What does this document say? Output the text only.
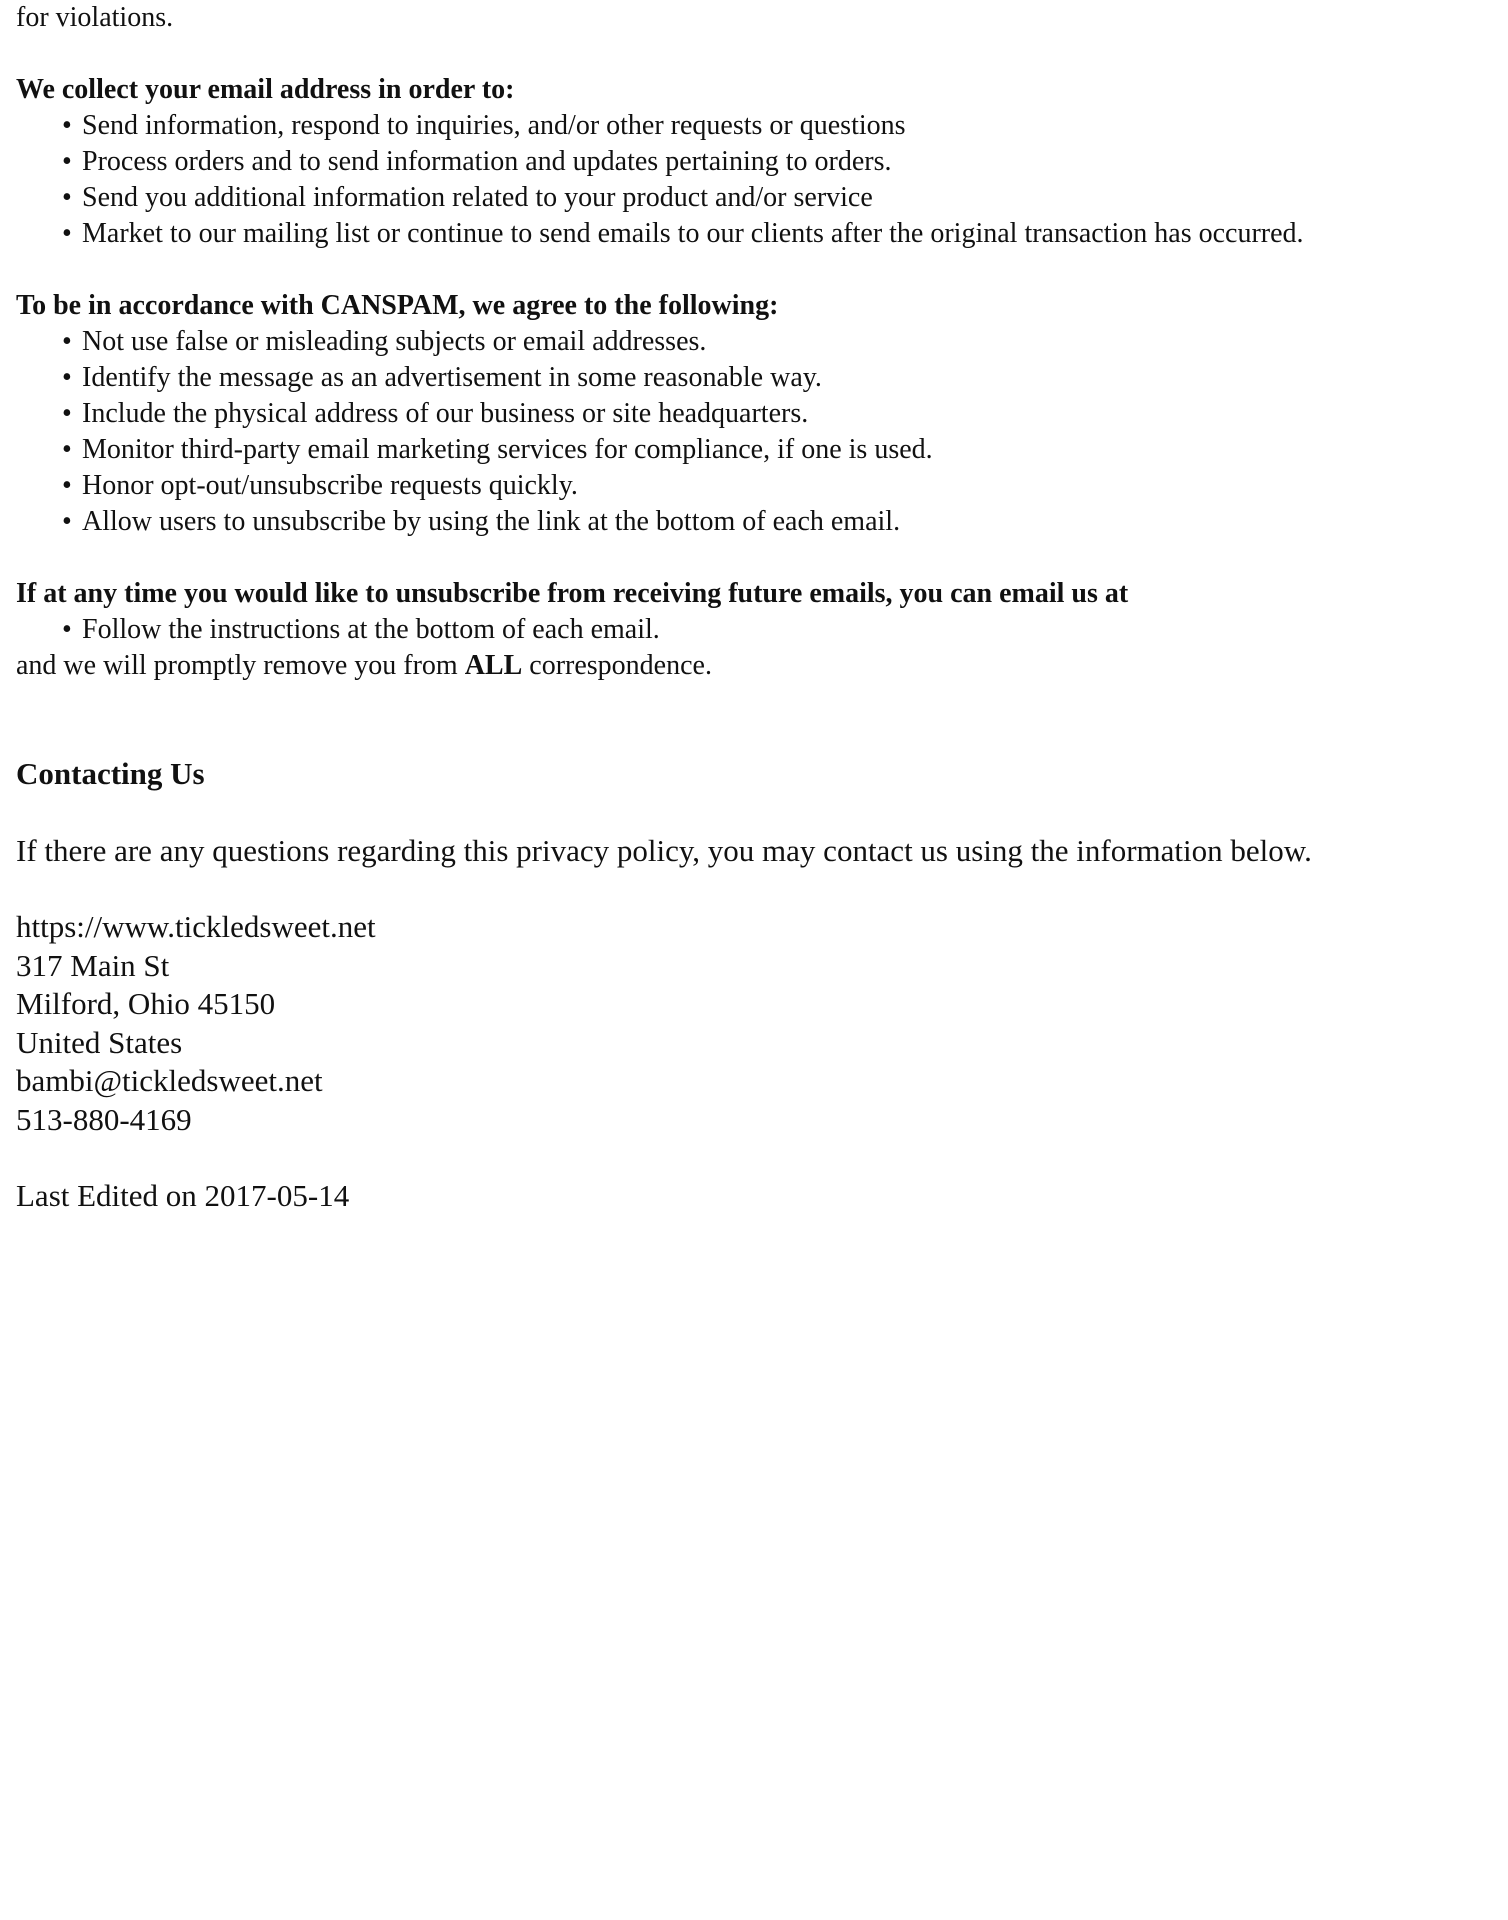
for violations.
We collect your email address in order to:
• Send information, respond to inquiries, and/or other requests or questions
• Process orders and to send information and updates pertaining to orders.
• Send you additional information related to your product and/or service
• Market to our mailing list or continue to send emails to our clients after the original transaction has occurred.
To be in accordance with CANSPAM, we agree to the following:
• Not use false or misleading subjects or email addresses.
• Identify the message as an advertisement in some reasonable way.
• Include the physical address of our business or site headquarters.
• Monitor third-party email marketing services for compliance, if one is used.
• Honor opt-out/unsubscribe requests quickly.
• Allow users to unsubscribe by using the link at the bottom of each email.
If at any time you would like to unsubscribe from receiving future emails, you can email us at
• Follow the instructions at the bottom of each email.
and we will promptly remove you from ALL correspondence.
Contacting Us
If there are any questions regarding this privacy policy, you may contact us using the information below.
https://www.tickledsweet.net
317 Main St
Milford, Ohio 45150
United States
bambi@tickledsweet.net
513-880-4169
Last Edited on 2017-05-14
